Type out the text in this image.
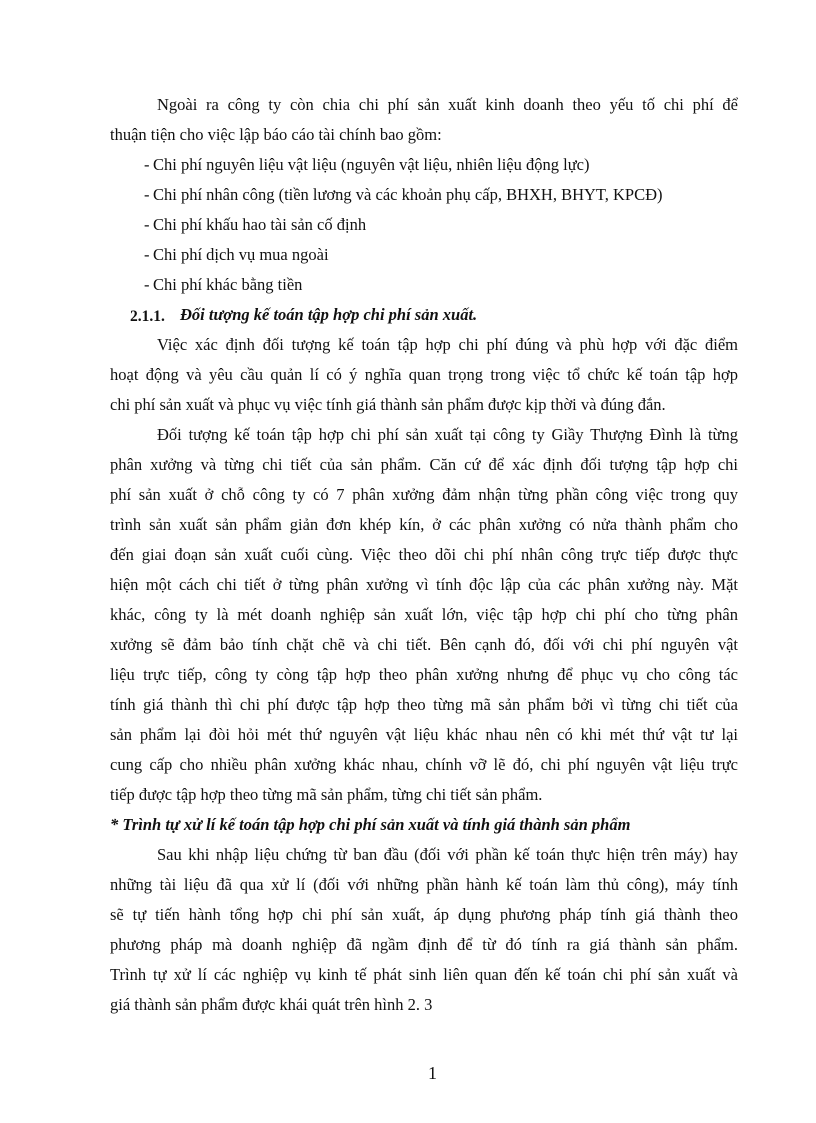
Ngoài ra công ty còn chia chi phí sản xuất kinh doanh theo yếu tố chi phí để
thuận tiện cho việc lập báo cáo tài chính bao gồm:
- Chi phí nguyên liệu vật liệu (nguyên vật liệu, nhiên liệu động lực)
- Chi phí nhân công (tiền lương và các khoản phụ cấp, BHXH, BHYT, KPCĐ)
- Chi phí khấu hao tài sản cố định
- Chi phí dịch vụ mua ngoài
- Chi phí khác bằng tiền
2.1.1. Đối tượng kế toán tập hợp chi phí sản xuất.
Việc xác định đối tượng kế toán tập hợp chi phí đúng và phù hợp với đặc điểm
hoạt động và yêu cầu quản lí có ý nghĩa quan trọng trong việc tổ chức kế toán tập hợp
chi phí sản xuất và phục vụ việc tính giá thành sản phẩm được kịp thời và đúng đắn.
Đối tượng kế toán tập hợp chi phí sản xuất tại công ty Giầy Thượng Đình là từng
phân xưởng và từng chi tiết của sản phẩm. Căn cứ để xác định đối tượng tập hợp chi
phí sản xuất ở chỗ công ty có 7 phân xưởng đảm nhận từng phần công việc trong quy
trình sản xuất sản phẩm giản đơn khép kín, ở các phân xưởng có nửa thành phẩm cho
đến giai đoạn sản xuất cuối cùng. Việc theo dõi chi phí nhân công trực tiếp được thực
hiện một cách chi tiết ở từng phân xưởng vì tính độc lập của các phân xưởng này. Mặt
khác, công ty là mét doanh nghiệp sản xuất lớn, việc tập hợp chi phí cho từng phân
xưởng sẽ đảm bảo tính chặt chẽ và chi tiết. Bên cạnh đó, đối với chi phí nguyên vật
liệu trực tiếp, công ty còng tập hợp theo phân xưởng nhưng để phục vụ cho công tác
tính giá thành thì chi phí được tập hợp theo từng mã sản phẩm bởi vì từng chi tiết của
sản phẩm lại đòi hỏi mét thứ nguyên vật liệu khác nhau nên có khi mét thứ vật tư lại
cung cấp cho nhiều phân xưởng khác nhau, chính vỡ lẽ đó, chi phí nguyên vật liệu trực
tiếp được tập hợp theo từng mã sản phẩm, từng chi tiết sản phẩm.
* Trình tự xử lí kế toán tập hợp chi phí sản xuất và tính giá thành sản phẩm
Sau khi nhập liệu chứng từ ban đầu (đối với phần kế toán thực hiện trên máy) hay
những tài liệu đã qua xử lí (đối với những phần hành kế toán làm thủ công), máy tính
sẽ tự tiến hành tổng hợp chi phí sản xuất, áp dụng phương pháp tính giá thành theo
phương pháp mà doanh nghiệp đã ngầm định để từ đó tính ra giá thành sản phẩm.
Trình tự xử lí các nghiệp vụ kinh tế phát sinh liên quan đến kế toán chi phí sản xuất và
giá thành sản phẩm được khái quát trên hình 2. 3
1
